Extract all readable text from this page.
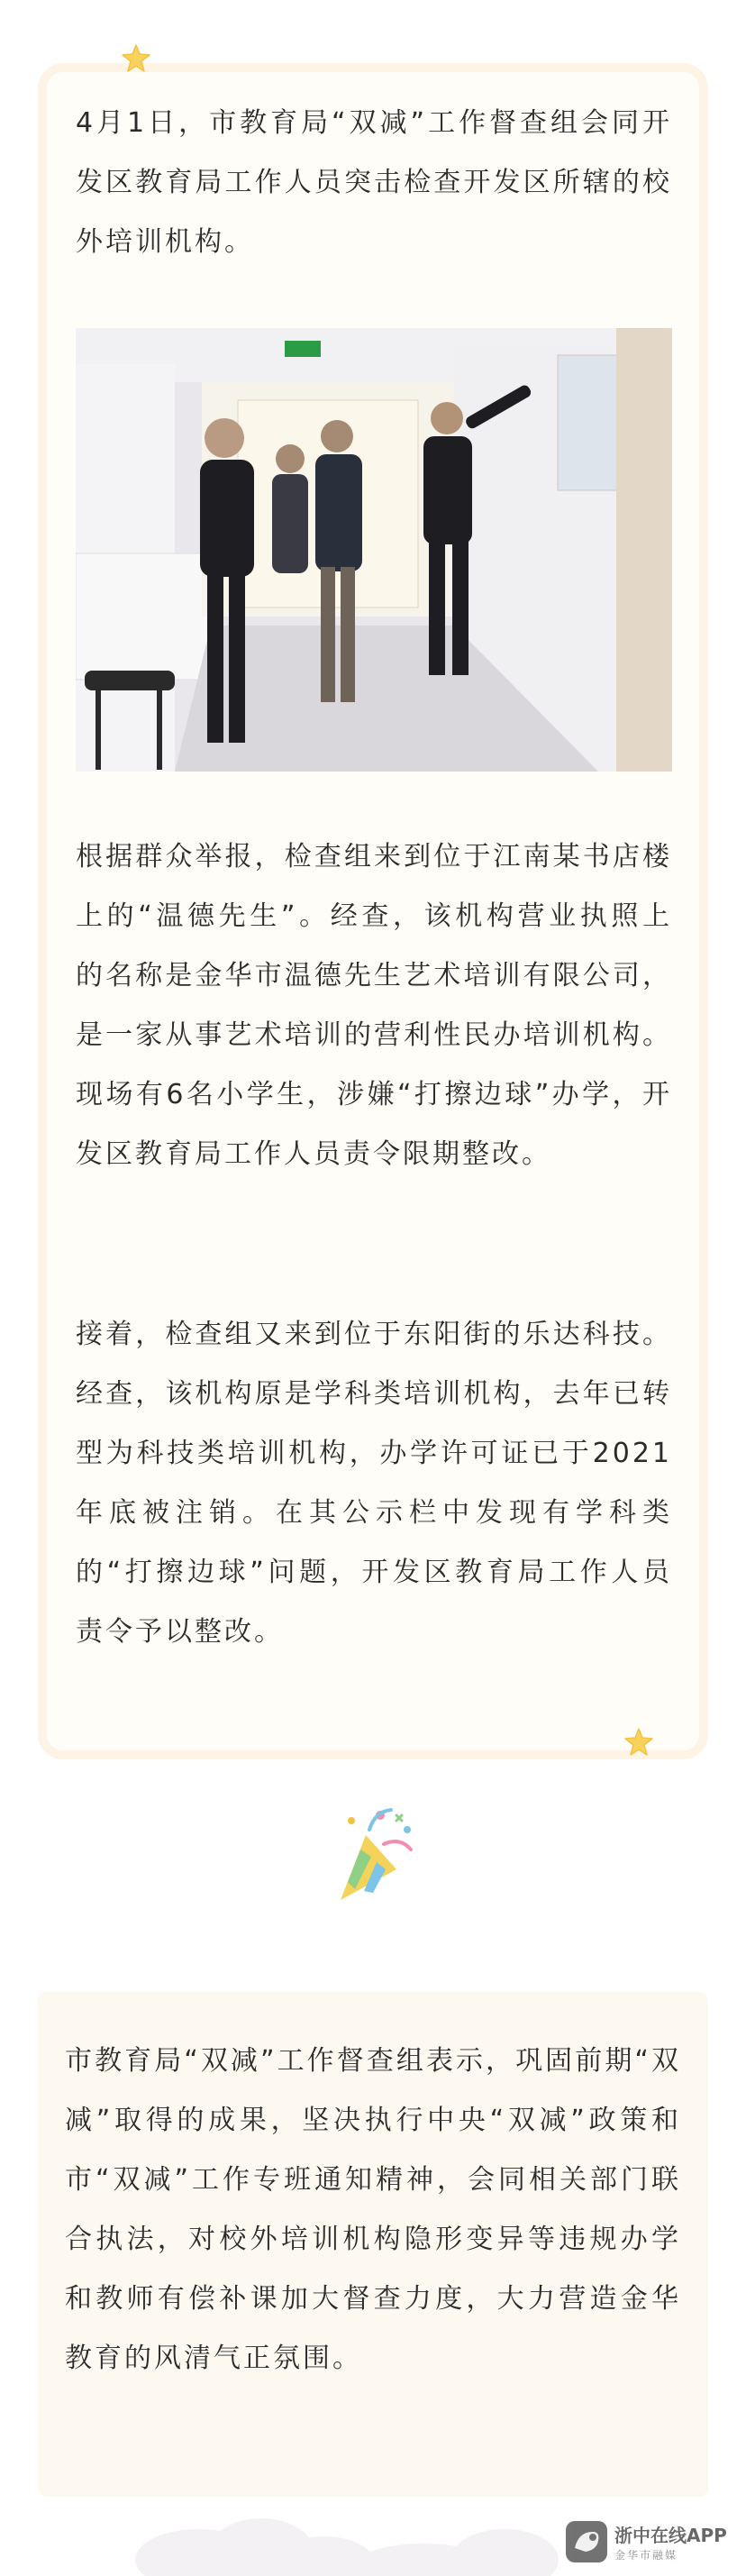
4月1日，市教育局“双减”工作督查组会同开发区教育局工作人员突击检查开发区所辖的校外培训机构。

根据群众举报，检查组来到位于江南某书店楼上的“温德先生”。经查，该机构营业执照上的名称是金华市温德先生艺术培训有限公司，是一家从事艺术培训的营利性民办培训机构。现场有6名小学生，涉嫌“打擦边球”办学，开发区教育局工作人员责令限期整改。

接着，检查组又来到位于东阳街的乐达科技。经查，该机构原是学科类培训机构，去年已转型为科技类培训机构，办学许可证已于2021年底被注销。在其公示栏中发现有学科类的“打擦边球”问题，开发区教育局工作人员责令予以整改。

市教育局“双减”工作督查组表示，巩固前期“双减”取得的成果，坚决执行中央“双减”政策和市“双减”工作专班通知精神，会同相关部门联合执法，对校外培训机构隐形变异等违规办学和教师有偿补课加大督查力度，大力营造金华教育的风清气正氛围。

浙中在线APP
金华市融媒
